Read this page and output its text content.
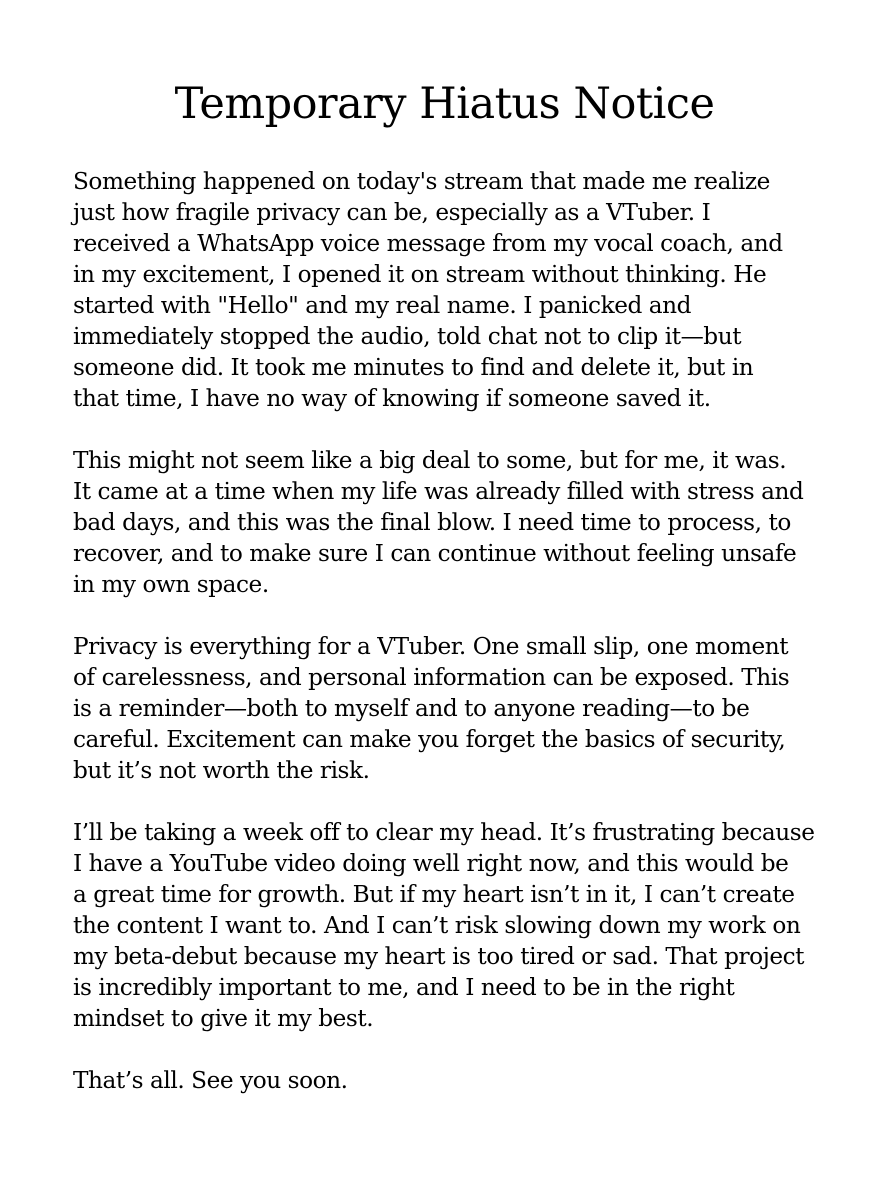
Temporary Hiatus Notice

Something happened on today's stream that made me realize
just how fragile privacy can be, especially as a VTuber. I
received a WhatsApp voice message from my vocal coach, and
in my excitement, I opened it on stream without thinking. He
started with "Hello" and my real name. I panicked and
immediately stopped the audio, told chat not to clip it—but
someone did. It took me minutes to find and delete it, but in
that time, I have no way of knowing if someone saved it.

This might not seem like a big deal to some, but for me, it was.
It came at a time when my life was already filled with stress and
bad days, and this was the final blow. I need time to process, to
recover, and to make sure I can continue without feeling unsafe
in my own space.

Privacy is everything for a VTuber. One small slip, one moment
of carelessness, and personal information can be exposed. This
is a reminder—both to myself and to anyone reading—to be
careful. Excitement can make you forget the basics of security,
but it’s not worth the risk.

I’ll be taking a week off to clear my head. It’s frustrating because
I have a YouTube video doing well right now, and this would be
a great time for growth. But if my heart isn’t in it, I can’t create
the content I want to. And I can’t risk slowing down my work on
my beta-debut because my heart is too tired or sad. That project
is incredibly important to me, and I need to be in the right
mindset to give it my best.

That’s all. See you soon.
